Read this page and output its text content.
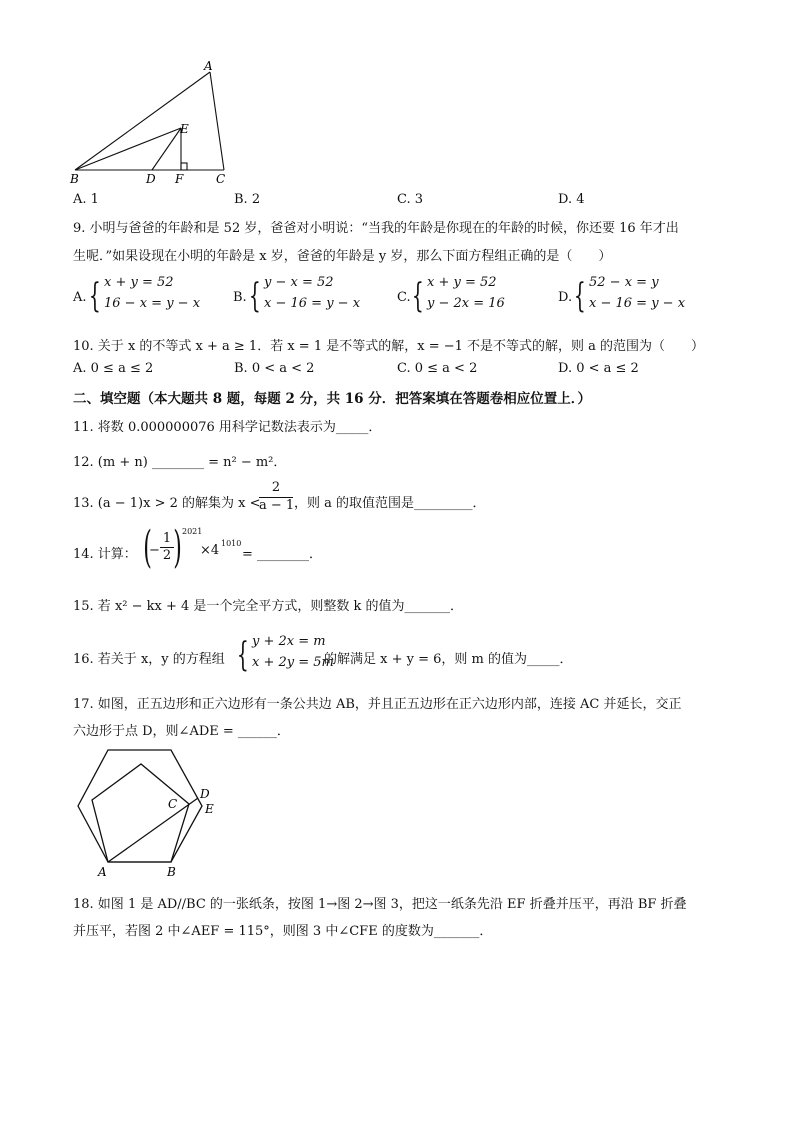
A
E
B	D F	C
A. 1	B. 2	C. 3	D. 4
9. 小明与爸爸的年龄和是 52 岁，爸爸对小明说：“当我的年龄是你现在的年龄的时候，你还要 16 年才出
生呢．”如果设现在小明的年龄是 x 岁，爸爸的年龄是 y 岁，那么下面方程组正确的是（　　）
A. { x + y = 52
16 − x = y − x	B. { y − x = 52
x − 16 = y − x	C. { x + y = 52
y − 2x = 16	D. { 52 − x = y
x − 16 = y − x
10. 关于 x 的不等式 x + a ≥ 1．若 x = 1 是不等式的解，x = −1 不是不等式的解，则 a 的范围为（　　）
A. 0 ≤ a ≤ 2	B. 0 < a < 2	C. 0 ≤ a < 2	D. 0 < a ≤ 2
二、填空题（本大题共 8 题，每题 2 分，共 16 分．把答案填在答题卷相应位置上．）
11. 将数 0.000000076 用科学记数法表示为_____．
12. (m + n) ________ = n² − m²．
13. (a − 1)x > 2 的解集为 x <
$\frac{2}{a - 1}$ ，则 a 的取值范围是_________．
14. 计算： (
− $\frac{1}{2}$ ) 2021
×4 1010
= ________．
15. 若 x² − kx + 4 是一个完全平方式，则整数 k 的值为_______．
16. 若关于 x，y 的方程组 { y + 2x = m
x + 2y = 5m
的解满足 x + y = 6，则 m 的值为_____．
17. 如图，正五边形和正六边形有一条公共边 AB，并且正五边形在正六边形内部，连接 AC 并延长，交正
六边形于点 D，则∠ADE = ______．
C
D
E
A	B
18. 如图 1 是 AD//BC 的一张纸条，按图 1→图 2→图 3，把这一纸条先沿 EF 折叠并压平，再沿 BF 折叠
并压平，若图 2 中∠AEF = 115°，则图 3 中∠CFE 的度数为_______．
